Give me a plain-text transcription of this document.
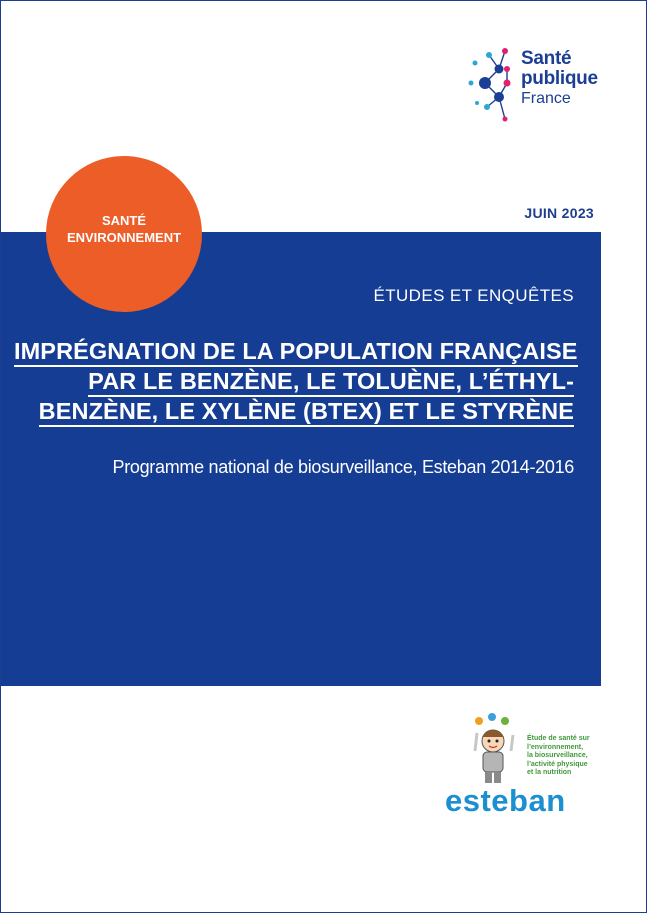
Santé
publique
France
JUIN 2023
SANTÉ
ENVIRONNEMENT
ÉTUDES ET ENQUÊTES
IMPRÉGNATION DE LA POPULATION FRANÇAISE
PAR LE BENZÈNE, LE TOLUÈNE, L’ÉTHYL-
BENZÈNE, LE XYLÈNE (BTEX) ET LE STYRÈNE
Programme national de biosurveillance, Esteban 2014-2016
Étude de santé sur
l’environnement,
la biosurveillance,
l’activité physique
et la nutrition
esteban
